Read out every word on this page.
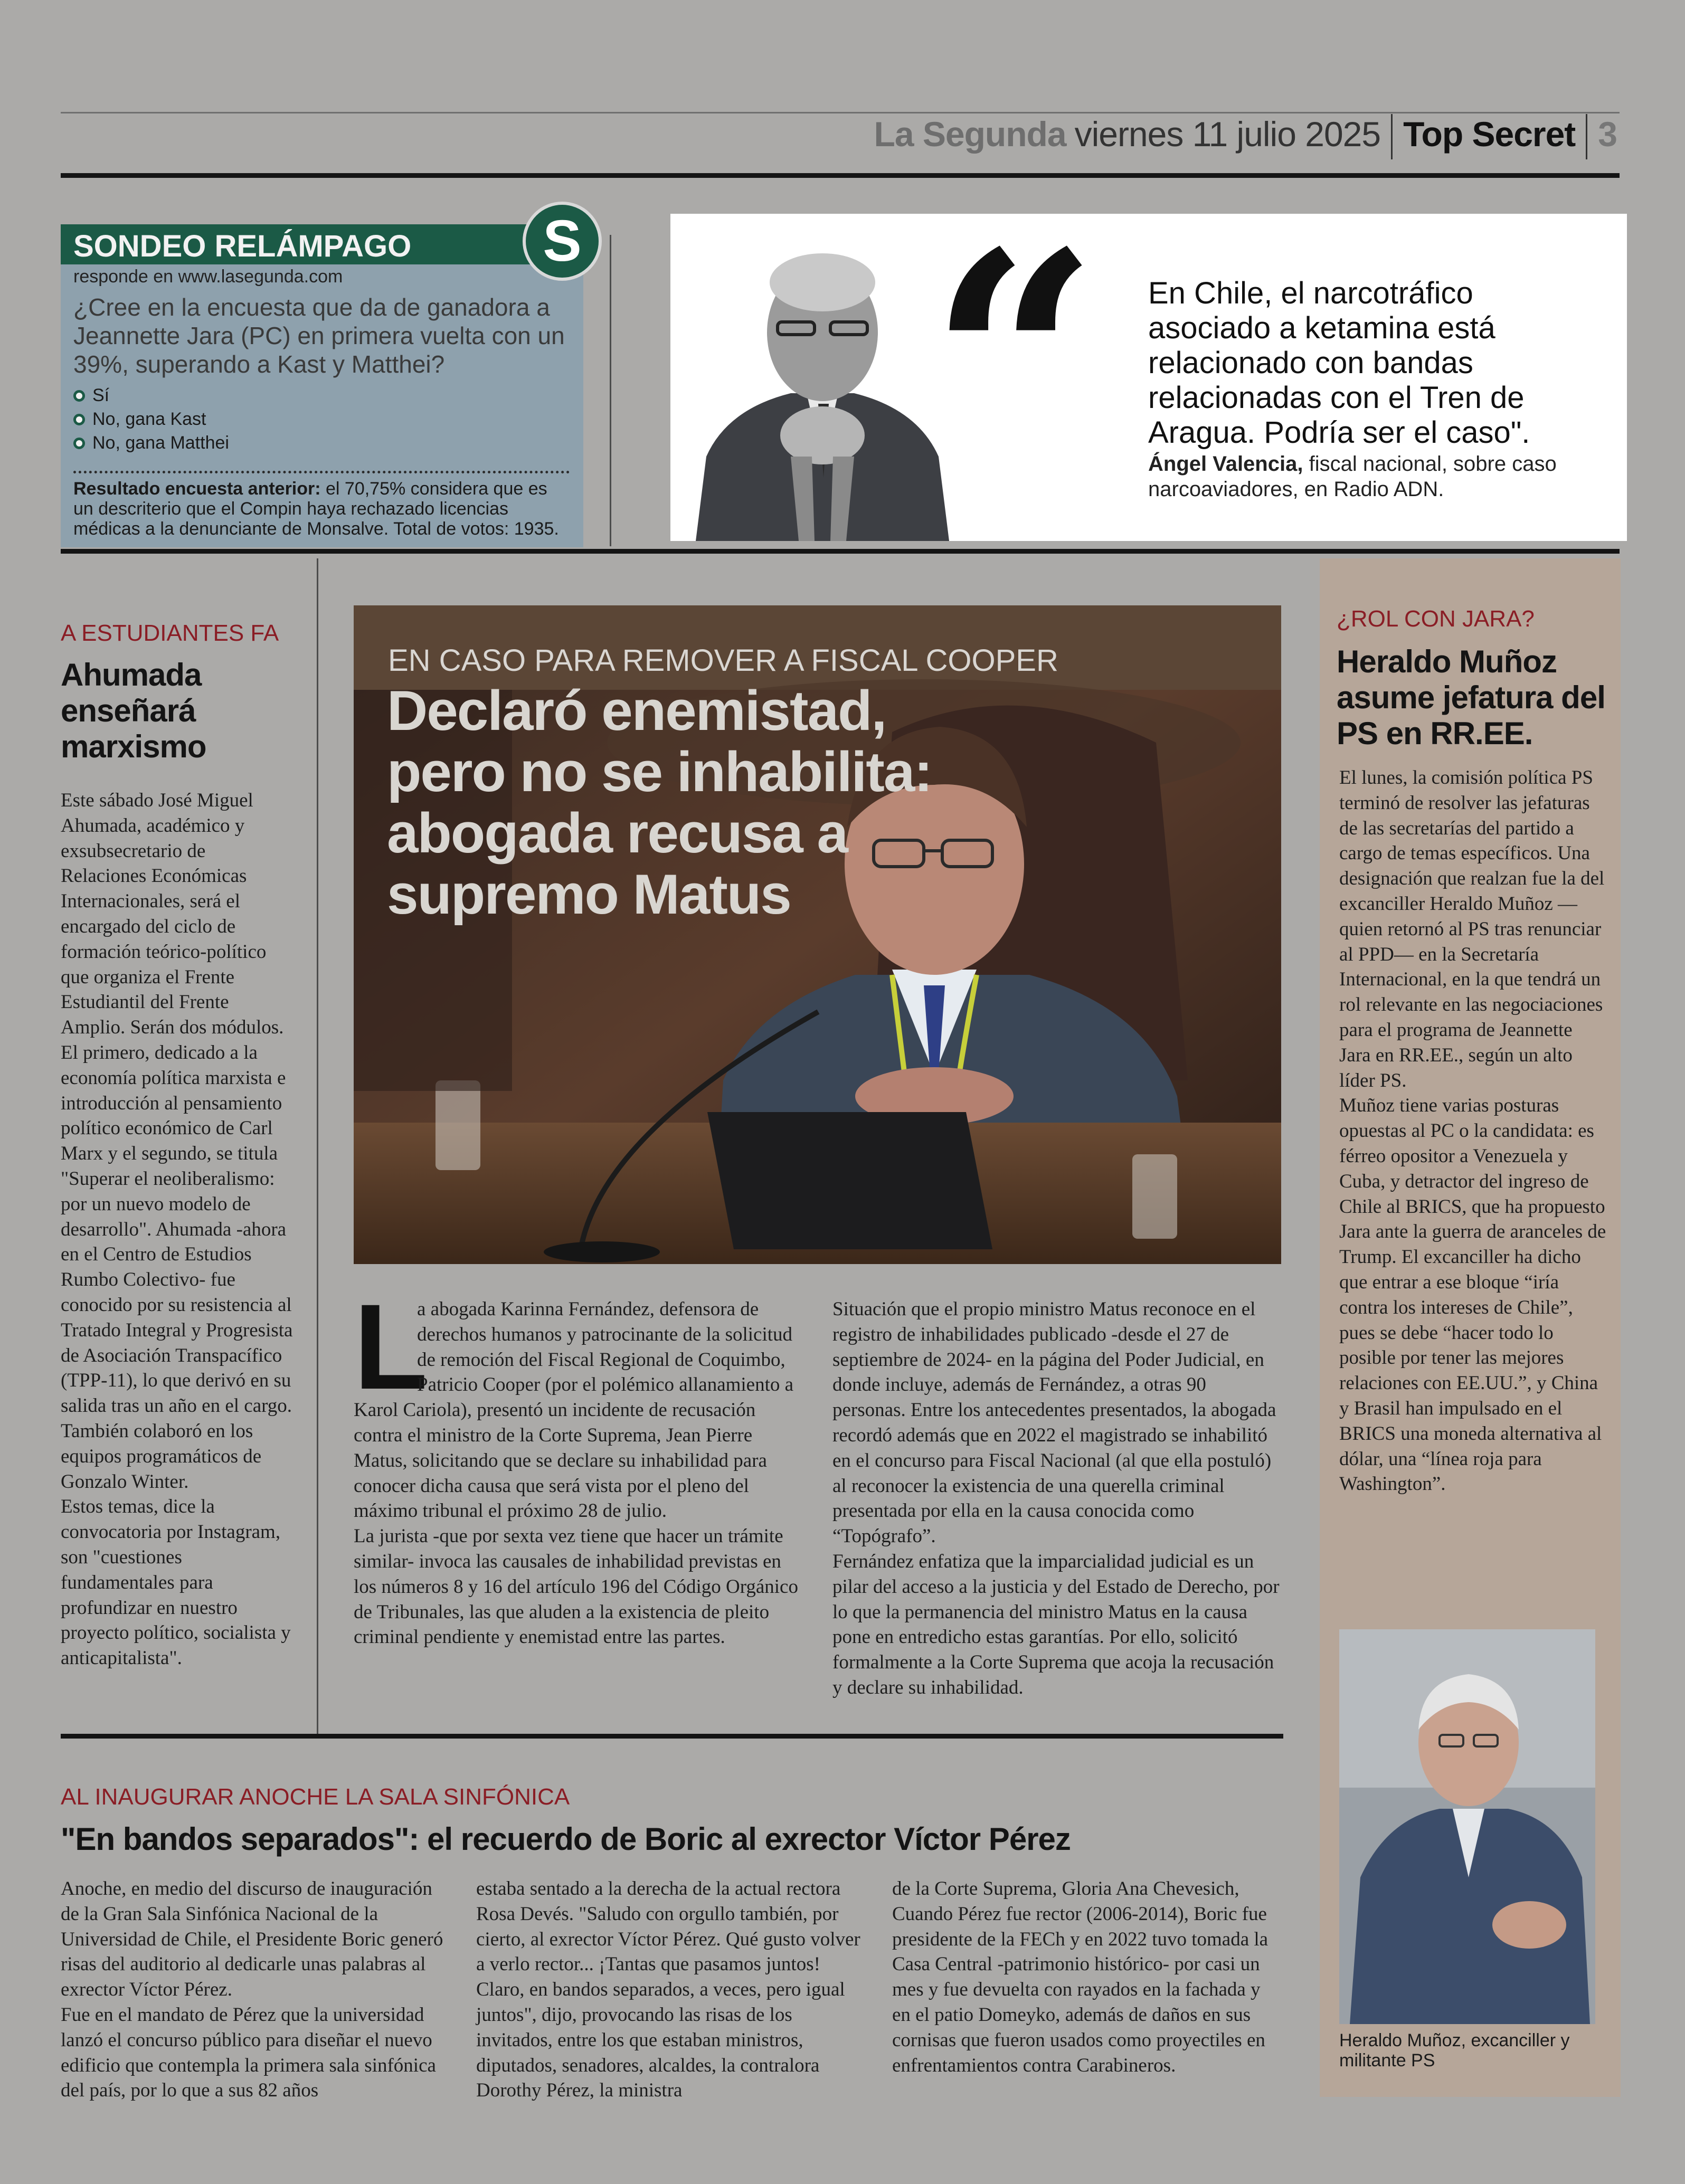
La Segunda viernes 11 julio 2025 Top Secret 3
SONDEO RELÁMPAGO
responde en www.lasegunda.com
¿Cree en la encuesta que da de ganadora a Jeannette Jara (PC) en primera vuelta con un 39%, superando a Kast y Matthei?
Sí
No, gana Kast
No, gana Matthei
Resultado encuesta anterior: el 70,75% considera que es un descriteriо que el Compin haya rechazado licencias médicas a la denunciante de Monsalve. Total de votos: 1935.
S “ En Chile, el narcotráfico asociado a ketamina está relacionado con bandas relacionadas con el Tren de Aragua. Podría ser el caso".
Ángel Valencia, fiscal nacional, sobre caso narcoaviadores, en Radio ADN.
A ESTUDIANTES FA
Ahumada enseñará marxismo
Este sábado José Miguel Ahumada, académico y exsubsecretario de Relaciones Económicas Internacionales, será el encargado del ciclo de formación teórico-político que organiza el Frente Estudiantil del Frente Amplio. Serán dos módulos. El primero, dedicado a la economía política marxista e introducción al pensamiento político económico de Carl Marx y el segundo, se titula "Superar el neoliberalismo: por un nuevo modelo de desarrollo". Ahumada -ahora en el Centro de Estudios Rumbo Colectivo- fue conocido por su resistencia al Tratado Integral y Progresista de Asociación Transpacífico (TPP-11), lo que derivó en su salida tras un año en el cargo. También colaboró en los equipos programáticos de Gonzalo Winter.
Estos temas, dice la convocatoria por Instagram, son "cuestiones fundamentales para profundizar en nuestro proyecto político, socialista y anticapitalista".
EN CASO PARA REMOVER A FISCAL COOPER
Declaró enemistad, pero no se inhabilita: abogada recusa a supremo Matus
L
a abogada Karinna Fernández, defensora de derechos humanos y patrocinante de la solicitud de remoción del Fiscal Regional de Coquimbo, Patricio Cooper (por el polémico allanamiento a Karol Cariola), presentó un incidente de recusación contra el ministro de la Corte Suprema, Jean Pierre Matus, solicitando que se declare su inhabilidad para conocer dicha causa que será vista por el pleno del máximo tribunal el próximo 28 de julio.
La jurista -que por sexta vez tiene que hacer un trámite similar- invoca las causales de inhabilidad previstas en los números 8 y 16 del artículo 196 del Código Orgánico de Tribunales, las que aluden a la existencia de pleito criminal pendiente y enemistad entre las partes.
Situación que el propio ministro Matus reconoce en el registro de inhabilidades publicado -desde el 27 de septiembre de 2024- en la página del Poder Judicial, en donde incluye, además de Fernández, a otras 90 personas. Entre los antecedentes presentados, la abogada recordó además que en 2022 el magistrado se inhabilitó en el concurso para Fiscal Nacional (al que ella postuló) al reconocer la existencia de una querella criminal presentada por ella en la causa conocida como “Topógrafo”.
Fernández enfatiza que la imparcialidad judicial es un pilar del acceso a la justicia y del Estado de Derecho, por lo que la permanencia del ministro Matus en la causa pone en entredicho estas garantías. Por ello, solicitó formalmente a la Corte Suprema que acoja la recusación y declare su inhabilidad.
¿ROL CON JARA?
Heraldo Muñoz asume jefatura del PS en RR.EE.
El lunes, la comisión política PS terminó de resolver las jefaturas de las secretarías del partido a cargo de temas específicos. Una designación que realzan fue la del excanciller Heraldo Muñoz —quien retornó al PS tras renunciar al PPD— en la Secretaría Internacional, en la que tendrá un rol relevante en las negociaciones para el programa de Jeannette Jara en RR.EE., según un alto líder PS.
Muñoz tiene varias posturas opuestas al PC o la candidata: es férreo opositor a Venezuela y Cuba, y detractor del ingreso de Chile al BRICS, que ha propuesto Jara ante la guerra de aranceles de Trump. El excanciller ha dicho que entrar a ese bloque “iría contra los intereses de Chile”, pues se debe “hacer todo lo posible por tener las mejores relaciones con EE.UU.”, y China y Brasil han impulsado en el BRICS una moneda alternativa al dólar, una “línea roja para Washington”.
Heraldo Muñoz, excanciller y militante PS
AL INAUGURAR ANOCHE LA SALA SINFÓNICA
"En bandos separados": el recuerdo de Boric al exrector Víctor Pérez
Anoche, en medio del discurso de inauguración de la Gran Sala Sinfónica Nacional de la Universidad de Chile, el Presidente Boric generó risas del auditorio al dedicarle unas palabras al exrector Víctor Pérez.
Fue en el mandato de Pérez que la universidad lanzó el concurso público para diseñar el nuevo edificio que contempla la primera sala sinfónica del país, por lo que a sus 82 años
estaba sentado a la derecha de la actual rectora Rosa Devés. "Saludo con orgullo también, por cierto, al exrector Víctor Pérez. Qué gusto volver a verlo rector... ¡Tantas que pasamos juntos! Claro, en bandos separados, a veces, pero igual juntos", dijo, provocando las risas de los invitados, entre los que estaban ministros, diputados, senadores, alcaldes, la contralora Dorothy Pérez, la ministra
de la Corte Suprema, Gloria Ana Chevesich, Cuando Pérez fue rector (2006-2014), Boric fue presidente de la FECh y en 2022 tuvo tomada la Casa Central -patrimonio histórico- por casi un mes y fue devuelta con rayados en la fachada y en el patio Domeyko, además de daños en sus cornisas que fueron usados como proyectiles en enfrentamientos contra Carabineros.
